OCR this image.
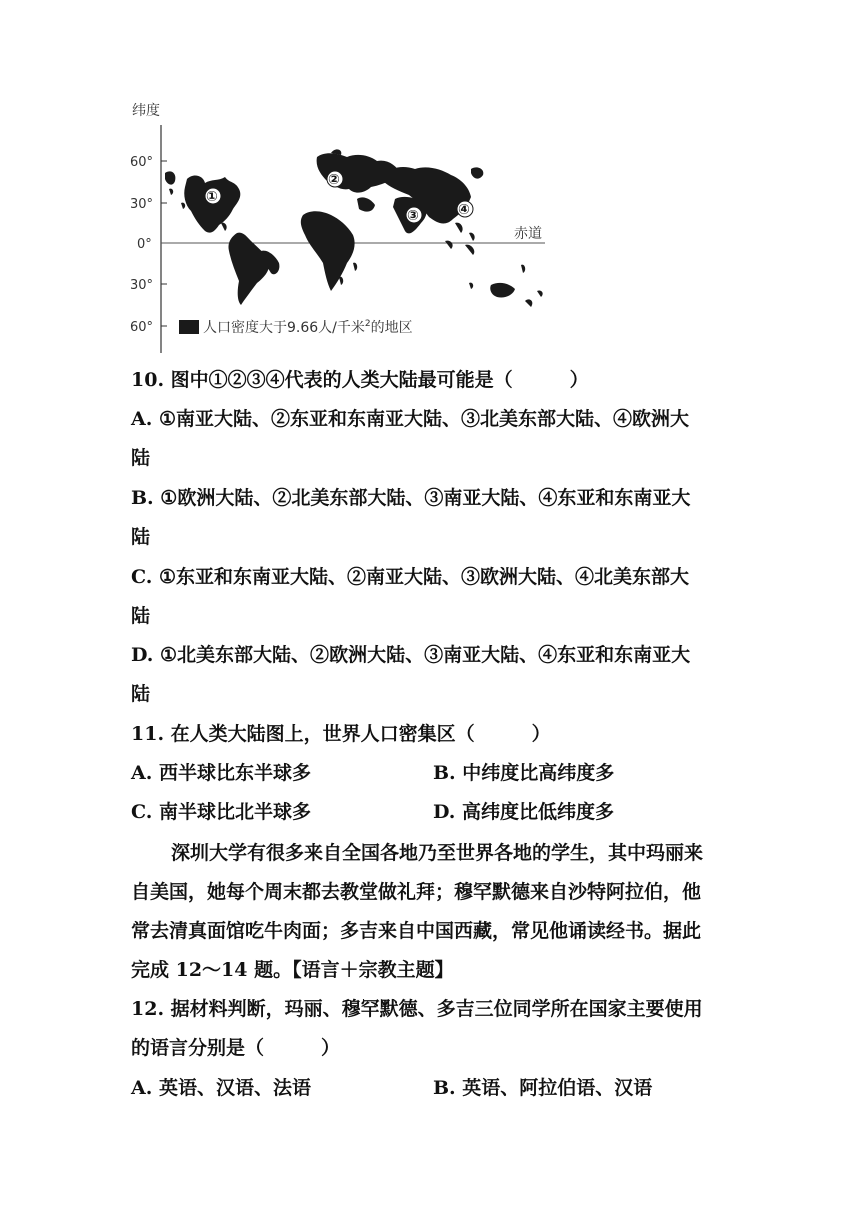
纬度
60°
30°
0°
30°
60°
赤道
①
②
③	④
人口密度大于9.66人/千米$^2$的地区
10. 图中①②③④代表的人类大陆最可能是（　　　）
A. ①南亚大陆、②东亚和东南亚大陆、③北美东部大陆、④欧洲大
陆
B. ①欧洲大陆、②北美东部大陆、③南亚大陆、④东亚和东南亚大
陆
C. ①东亚和东南亚大陆、②南亚大陆、③欧洲大陆、④北美东部大
陆
D. ①北美东部大陆、②欧洲大陆、③南亚大陆、④东亚和东南亚大
陆
11. 在人类大陆图上，世界人口密集区（　　　）
A. 西半球比东半球多	B. 中纬度比高纬度多
C. 南半球比北半球多	D. 高纬度比低纬度多
深圳大学有很多来自全国各地乃至世界各地的学生，其中玛丽来
自美国，她每个周末都去教堂做礼拜；穆罕默德来自沙特阿拉伯，他
常去清真面馆吃牛肉面；多吉来自中国西藏，常见他诵读经书。据此
完成 12～14 题。【语言＋宗教主题】
12. 据材料判断，玛丽、穆罕默德、多吉三位同学所在国家主要使用
的语言分别是（　　　）
A. 英语、汉语、法语	B. 英语、阿拉伯语、汉语
